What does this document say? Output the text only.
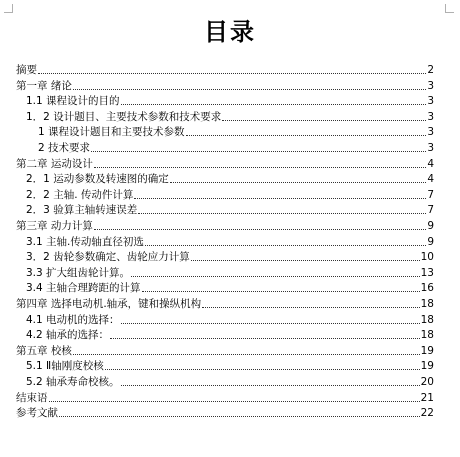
目录
摘要	2
第一章 绪论	3
1.1 课程设计的目的	3
1．2 设计题目、主要技术参数和技术要求	3
1 课程设计题目和主要技术参数	3
2 技术要求	3
第二章 运动设计	4
2．1 运动参数及转速图的确定	4
2．2 主轴. 传动件计算	7
2．3 验算主轴转速误差	7
第三章 动力计算	9
3.1 主轴.传动轴直径初选	9
3．2 齿轮参数确定、齿轮应力计算	10
3.3 扩大组齿轮计算。	13
3.4 主轴合理跨距的计算	16
第四章 选择电动机.轴承，键和操纵机构	18
4.1 电动机的选择：	18
4.2 轴承的选择：	18
第五章 校核	19
5.1 Ⅱ轴刚度校核	19
5.2 轴承寿命校核。	20
结束语	21
参考文献	22
